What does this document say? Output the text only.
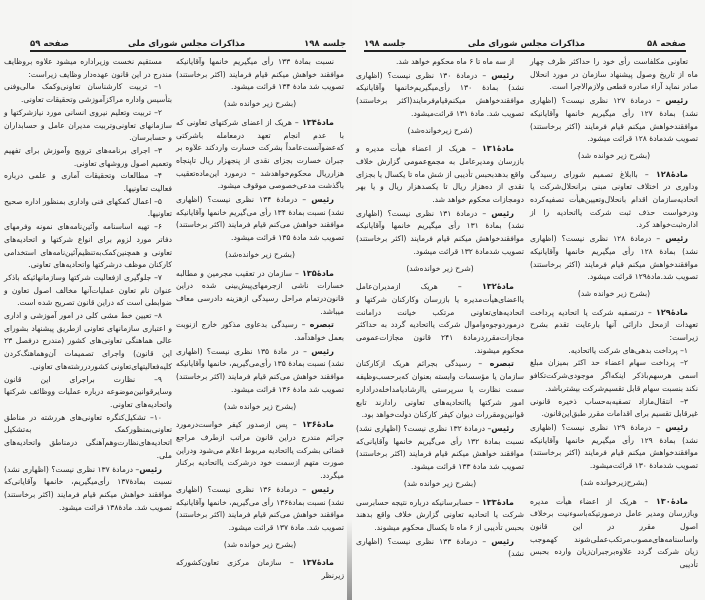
صفحه ۵۹	مذاکرات مجلس شورای ملی	جلسه ۱۹۸

نسبت بمادهٔ ۱۳۳ رأی میگیریم خانمها وآقایانیکه موافقند خواهش میکنم قیام فرمایند (اکثر برخاستند) تصویب شد مادهٔ ۱۳۴ قرائت میشود.

(بشرح زیر خوانده شد)

مادهٔ۱۳۴ – هریک از اعضای شرکتهای تعاونی که با عدم انجام تعهد درمعامله باشرکتی که‌عضوآنست‌عامداً بشرکت خسارت واردکند علاوه بر جبران خسارت بجزای نقدی از پنجهزار ریال تاپنجاه هزارریال محکوم‌خواهدشد – درمورد این‌ماده‌تعقیب باگذشت مدعی‌خصوصی موقوف میشود.

رئیس – درمادهٔ ۱۳۴ نظری نیست؟ (اظهاری نشد) نسبت بمادهٔ ۱۳۴ رأی می‌گیریم خانمها وآقایانیکه موافقند خواهش می‌کنم قیام فرمایند (اکثر برخاستند) تصویب شد مادهٔ ۱۳۵ قرائت میشود.

(بشرح زیر خوانده‌شد)

مادهٔ۱۳۵ – سازمان در تعقیب مجرمین و مطالبه خسارات ناشی ازجرمهای‌پیش‌بینی شده دراین قانون‌درتمام مراحل رسیدگی ازهزینه دادرسی معاف میباشد.

تبصره – رسیدگی بدعاوی مذکور خارج ازنوبت بعمل خواهدآمد.

رئیس – در مادهٔ ۱۳۵ نظری نیست؟ (اظهاری نشد) نسبت بمادهٔ ۱۳۵ رأی‌می‌گیریم، خانمها وآقایانیکه موافقند خواهش می‌کنم قیام فرمایند (اکثر برخاستند) تصویب شد مادهٔ ۱۳۶ قرائت میشود.

(بشرح زیر خوانده شد)

مادهٔ۱۳۶ – پس ازصدور کیفر خواست‌درمورد جرائم مندرج دراین قانون مراتب ازطرف مراجع قضائی بشرکت یااتحادیه مربوط اعلام می‌شود ودراین صورت متهم ازسمت خود درشرکت یااتحادیه برکنار میگردد.

رئیس – درمادهٔ ۱۳۶ نظری نیست؟ (اظهاری نشد) نسبت بمادهٔ۱۳۶ رأی می‌گیریم، خانمها وآقایانیکه موافقند خواهش می‌کنم قیام فرمایند (اکثر برخاستند) تصویب شد. مادهٔ ۱۳۷ قرائت میشود.

(بشرح زیر خوانده شد)

مادهٔ۱۳۷ – سازمان مرکزی تعاون‌کشورکه زیرنظر

مستقیم نخست وزیراداره میشود علاوه بروظایف مندرج در این قانون عهده‌دار وظایف زیراست:

۱– تربیت کارشناسان تعاونی‌وکمک مالی‌وفنی بتأسیس واداره مراکزآموزشی وتحقیقات تعاونی.

۲– تربیت وتعلیم نیروی انسانی مورد نیازشرکتها و سازمانهای تعاونی‌وتربیت مدیران عامل و حسابداران و حسابرسان.

۳– اجرای برنامه‌های ترویج وآموزش برای تفهیم وتعمیم اصول وروشهای تعاونی.

۴– مطالعات وتحقیقات آماری و علمی درباره فعالیت تعاونیها.

۵– اعمال کمکهای فنی واداری بمنظور اداره صحیح تعاونیها.

۶– تهیه اساسنامه وآئین‌نامه‌های نمونه وفرمهای دفاتر مورد لزوم برای انواع شرکتها و اتحادیه‌های تعاونی و همچنین‌کمک‌به‌تنظیم‌آئین‌نامه‌های استخدامی کارکنان موظف درشرکتها واتحادیه‌های تعاونی.

۷– جلوگیری ازفعالیت شرکتها وسازمانهائیکه باذکر عنوان نام تعاون عملیات‌آنها مخالف اصول تعاون و ضوابطی است که دراین قانون تصریح شده است.

۸– تعیین خط مشی کلی در امور آموزشی و اداری و اعتباری سازمانهای تعاونی ازطریق پیشنهاد بشورای عالی هماهنگی تعاونی‌های کشور (مندرج درفصل ۲۳ این قانون) واجرای تصمیمات آن‌وهماهنگ‌کردن کلیه‌فعالیتهای‌تعاونی کشوردررشته‌های تعاونی.

۹– نظارت براجرای این قانون وسایرقوانین‌موضوعه درباره عملیات ووظائف شرکتها واتحادیه‌های تعاونی.

۱۰– تشکیل‌کنگره تعاونی‌های هررشته در مناطق تعاونی‌بمنظورکمک به‌تشکیل اتحادیه‌های‌نظارت‌وهم‌آهنگی درمناطق واتحادیه‌های ملی.

رئیس– درمادهٔ ۱۳۷ نظری نیست؟ (اظهاری نشد) نسبت بمادهٔ۱۳۷ رأی‌میگیریم، خانمها وآقایانی‌که موافقند خواهش میکنم قیام فرمایند (اکثر برخاستند) تصویب شد. مادهٔ۱۳۸ قرائت میشود.

جلسه ۱۹۸	مذاکرات مجلس شورای ملی	صفحه ۵۸

تعاونی مکلفاست رأی خود را حداکثر ظرف چهار ماه از تاریخ وصول پیشنهاد سازمان در مورد انحلال صادر نماید آراء صادره قطعی ولازم‌الاجرا است.

رئیس – درمادهٔ ۱۲۷ نظری نیست؟ (اظهاری نشد) بمادهٔ ۱۲۷ رأی میگیریم خانمها وآقایانیکه موافقندخواهش میکنم قیام فرمایند (اکثر برخاستند) تصویب شدمادهٔ ۱۲۸ قرائت میشود.

(بشرح زیر خوانده شد)

مادهٔ۱۲۸ – باابلاغ تصمیم شورای رسیدگی وداوری در اختلاف تعاونی مبنی برانحلال‌شرکت یا اتحادیه‌سازمان اقدام بانحلال‌وتعیین‌هیأت تصفیه‌کرده ودرخواست حذف ثبت شرکت یااتحادیه را از اداره‌ثبت‌خواهد کرد.

رئیس – درمادهٔ ۱۲۸ نظری نیست؟ (اظهاری نشد) بمادهٔ ۱۲۸ رأی میگیریم خانمها وآقایانیکه موافقندخواهش میکنم قیام فرمایند (اکثر برخاستند) تصویب شد.مادهٔ۱۲۹ قرائت میشود.

(بشرح زیر خوانده شد)

مادهٔ۱۲۹ – درتصفیه شرکت یا اتحادیه پرداخت تعهدات ازمحل دارائی آنها بارعایت تقدم بشرح زیراست:

۱– پرداخت بدهی‌های شرکت یااتحادیه.

۲– پرداخت سهام اعضاء حد اکثر بمیزان مبلغ اسمی هرسهم‌باذکر اینکه‌اگر موجودی‌شرکت‌تکافو نکند بنسبت سهام قابل تقسیم‌شرکت بیشترباشد.

۳– انتقال‌مازاد تصفیه‌به‌حساب ذخیره قانونی غیرقابل تقسیم برای اقدامات مقرر طبق‌این‌قانون.

رئیس – درمادهٔ ۱۲۹ نظری نیست؟ (اظهاری نشد) بمادهٔ ۱۲۹ رأی میگیریم خانمها وآقایانیکه موافقندخواهش میکنم قیام فرمایند (اکثر برخاستند) تصویب شدمادهٔ ۱۳۰ قرائت‌میشود.

(بشرح‌زیرخوانده شد)

مادهٔ۱۳۰ – هریک از اعضاء هیأت مدیره وبازرسان ومدیر عامل درصورتیکه‌باسوءنیت برخلاف اصول مقرر در این قانون واساسنامه‌های‌مصوب‌مرتکب‌عملی‌شوند کهموجب زیان شرکت گردد علاوه‌برجبران‌زیان وارده بحبس تأدیبی

از سه ماه تا ۶ ماه محکوم خواهد شد.

رئیس – درمادهٔ ۱۳۰ نظری نیست؟ (اظهاری نشد) بمادهٔ ۱۳۰ رأی‌میگیریم‌خانمها وآقایانیکه موافقندخواهش میکنم‌قیام‌فرمایند(اکثر برخاستند) تصویب شد. مادهٔ ۱۳۱ قرائت‌میشود.

(شرح زیرخوانده‌شد)

مادهٔ۱۳۱ – هریک از اعضاء هیأت مدیره و بازرسان ومدیرعامل به مجمع‌عمومی گزارش خلاف واقع بدهدبحبس تأدیبی از شش ماه تا یکسال یا بجزای نقدی از ده‌هزار ریال تا یکصدهزار ریال و یا بهر دومجازات محکوم خواهد شد.

رئیس – درمادهٔ ۱۳۱ نظری نیست؟ (اظهاری نشد) بمادهٔ ۱۳۱ رأی میگیریم خانمها وآقایانیکه موافقندخواهش میکنم قیام فرمایند (اکثر برخاستند) تصویب شدمادهٔ ۱۳۲ قرائت میشود.

(شرح زیر خوانده‌شد)

مادهٔ۱۳۲ – هریک ازمدیران‌عامل یااعضای‌هیأت‌مدیره یا بازرسان وکارکنان شرکتها و اتحادیه‌های‌تعاونی مرتکب خیانت درامانت درموردوجوه‌واموال شرکت یااتحادیه گردد به حداکثر مجازات‌مقرردرمادهٔ ۲۴۱ قانون مجازات‌عمومی محکوم میشوند.

تبصره – رسیدگی بجرائم هریک ازکارکنان سازمان یا مؤسسات وابسته بعنوان که‌برحسب‌وظیفه سمت نظارت یا سرپرستی یاارشادیامداخله‌دراداره امور شرکتها یااتحادیه‌های تعاونی رادارند تابع قوانین‌ومقررات دیوان کیفر کارکنان دولت‌خواهد بود.

رئیس– درمادهٔ ۱۳۲ نظری نیست؟ (اظهاری نشد) نسبت بمادهٔ ۱۳۲ رأی می‌گیریم خانمها وآقایانی‌که موافقند خواهش میکنم قیام فرمایند (اکثر برخاستند) تصویب شد مادهٔ ۱۳۳ قرائت میشود.

(بشرح زیر خوانده شد)

مادهٔ۱۳۳ – حسابرسانیکه درباره نتیجه حسابرسی شرکت یا اتحادیه تعاونی گزارش خلاف واقع بدهند بحبس تأدیبی از ۶ ماه تا یکسال محکوم میشوند.

رئیس – درمادهٔ ۱۳۳ نظری نیست؟ (اظهاری نشد)
